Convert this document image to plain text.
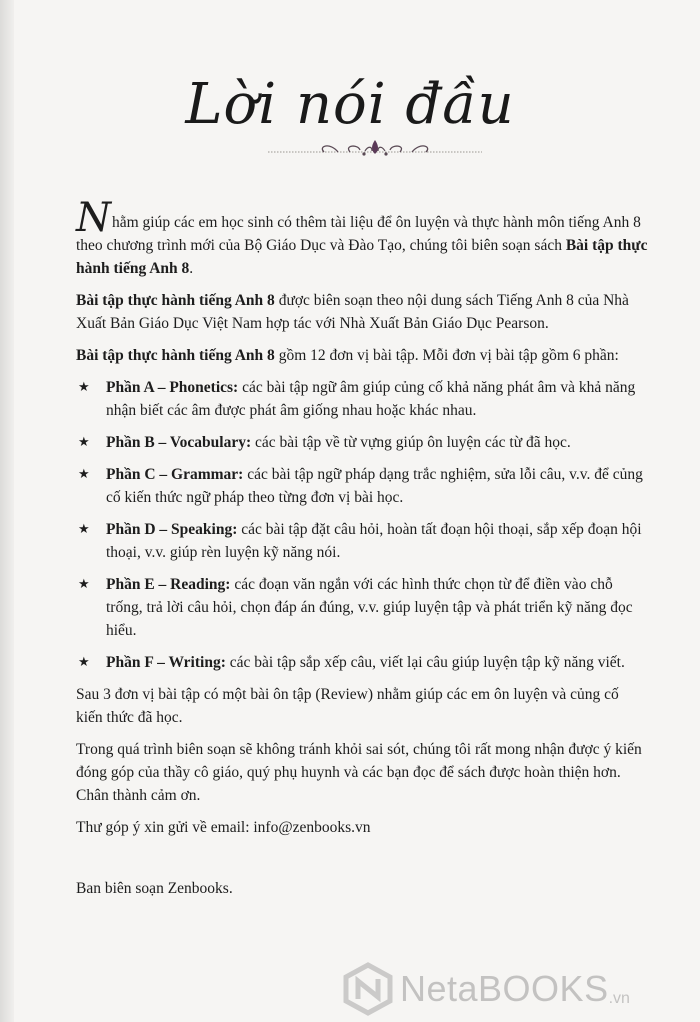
Lời nói đầu

Nhằm giúp các em học sinh có thêm tài liệu để ôn luyện và thực hành môn tiếng Anh 8 theo chương trình mới của Bộ Giáo Dục và Đào Tạo, chúng tôi biên soạn sách Bài tập thực hành tiếng Anh 8.

Bài tập thực hành tiếng Anh 8 được biên soạn theo nội dung sách Tiếng Anh 8 của Nhà Xuất Bản Giáo Dục Việt Nam hợp tác với Nhà Xuất Bản Giáo Dục Pearson.

Bài tập thực hành tiếng Anh 8 gồm 12 đơn vị bài tập. Mỗi đơn vị bài tập gồm 6 phần:

★ Phần A – Phonetics: các bài tập ngữ âm giúp củng cố khả năng phát âm và khả năng nhận biết các âm được phát âm giống nhau hoặc khác nhau.
★ Phần B – Vocabulary: các bài tập về từ vựng giúp ôn luyện các từ đã học.
★ Phần C – Grammar: các bài tập ngữ pháp dạng trắc nghiệm, sửa lỗi câu, v.v. để củng cố kiến thức ngữ pháp theo từng đơn vị bài học.
★ Phần D – Speaking: các bài tập đặt câu hỏi, hoàn tất đoạn hội thoại, sắp xếp đoạn hội thoại, v.v. giúp rèn luyện kỹ năng nói.
★ Phần E – Reading: các đoạn văn ngắn với các hình thức chọn từ để điền vào chỗ trống, trả lời câu hỏi, chọn đáp án đúng, v.v. giúp luyện tập và phát triển kỹ năng đọc hiểu.
★ Phần F – Writing: các bài tập sắp xếp câu, viết lại câu giúp luyện tập kỹ năng viết.

Sau 3 đơn vị bài tập có một bài ôn tập (Review) nhằm giúp các em ôn luyện và củng cố kiến thức đã học.

Trong quá trình biên soạn sẽ không tránh khỏi sai sót, chúng tôi rất mong nhận được ý kiến đóng góp của thầy cô giáo, quý phụ huynh và các bạn đọc để sách được hoàn thiện hơn. Chân thành cảm ơn.

Thư góp ý xin gửi về email: info@zenbooks.vn

Ban biên soạn Zenbooks.

NetaBOOKS .vn
